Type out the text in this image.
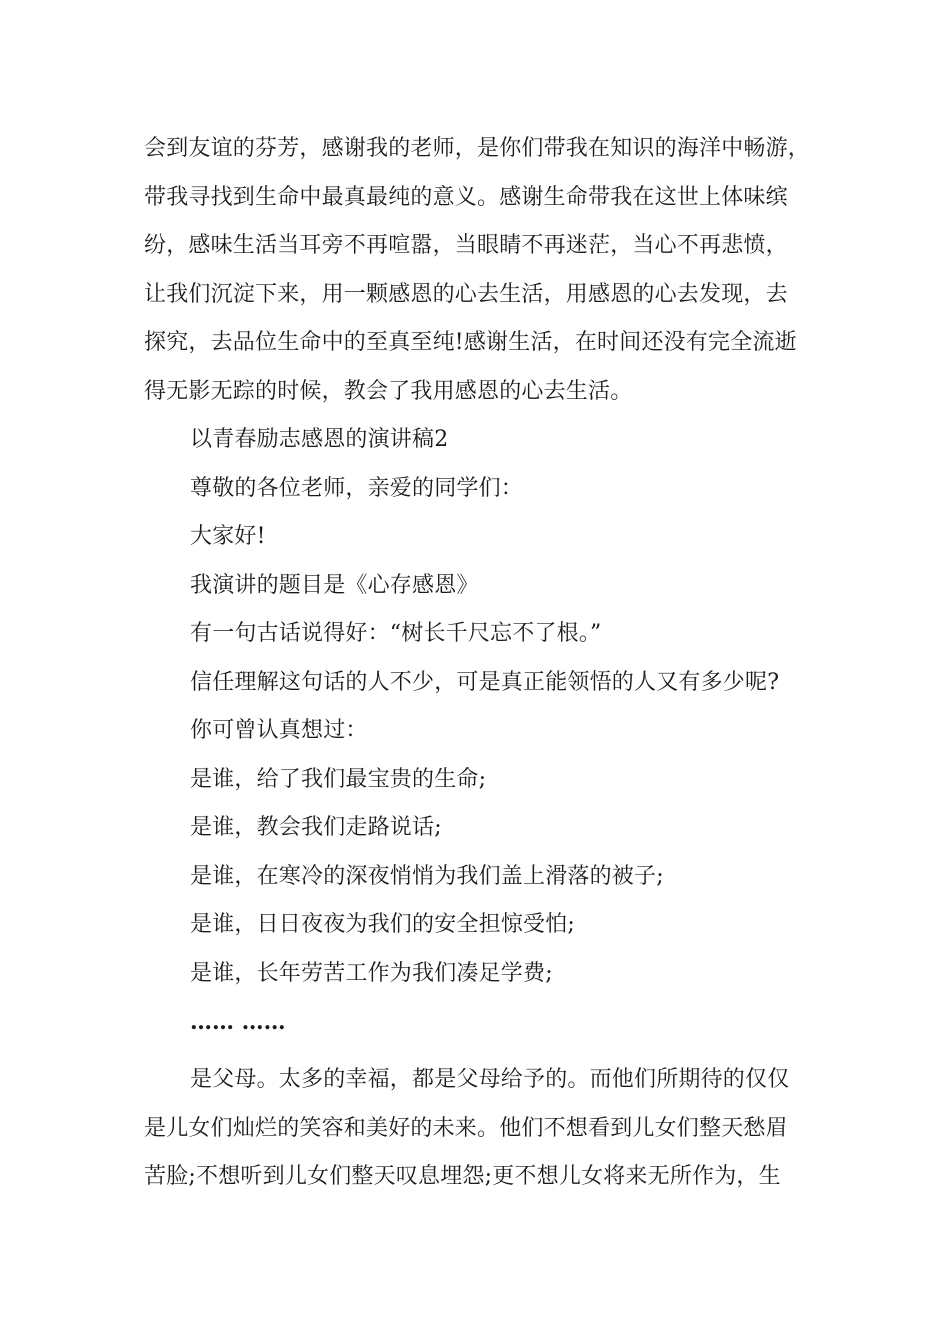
会到友谊的芬芳，感谢我的老师，是你们带我在知识的海洋中畅游，

带我寻找到生命中最真最纯的意义。感谢生命带我在这世上体味缤

纷，感味生活当耳旁不再喧嚣，当眼睛不再迷茫，当心不再悲愤，

让我们沉淀下来，用一颗感恩的心去生活，用感恩的心去发现，去

探究，去品位生命中的至真至纯!感谢生活，在时间还没有完全流逝

得无影无踪的时候，教会了我用感恩的心去生活。

以青春励志感恩的演讲稿2

尊敬的各位老师，亲爱的同学们：

大家好!

我演讲的题目是《心存感恩》

有一句古话说得好：“树长千尺忘不了根。”

信任理解这句话的人不少，可是真正能领悟的人又有多少呢?

你可曾认真想过：

是谁，给了我们最宝贵的生命;

是谁，教会我们走路说话;

是谁，在寒冷的深夜悄悄为我们盖上滑落的被子;

是谁，日日夜夜为我们的安全担惊受怕;

是谁，长年劳苦工作为我们凑足学费;

…… ……

是父母。太多的幸福，都是父母给予的。而他们所期待的仅仅

是儿女们灿烂的笑容和美好的未来。他们不想看到儿女们整天愁眉

苦脸;不想听到儿女们整天叹息埋怨;更不想儿女将来无所作为，生
